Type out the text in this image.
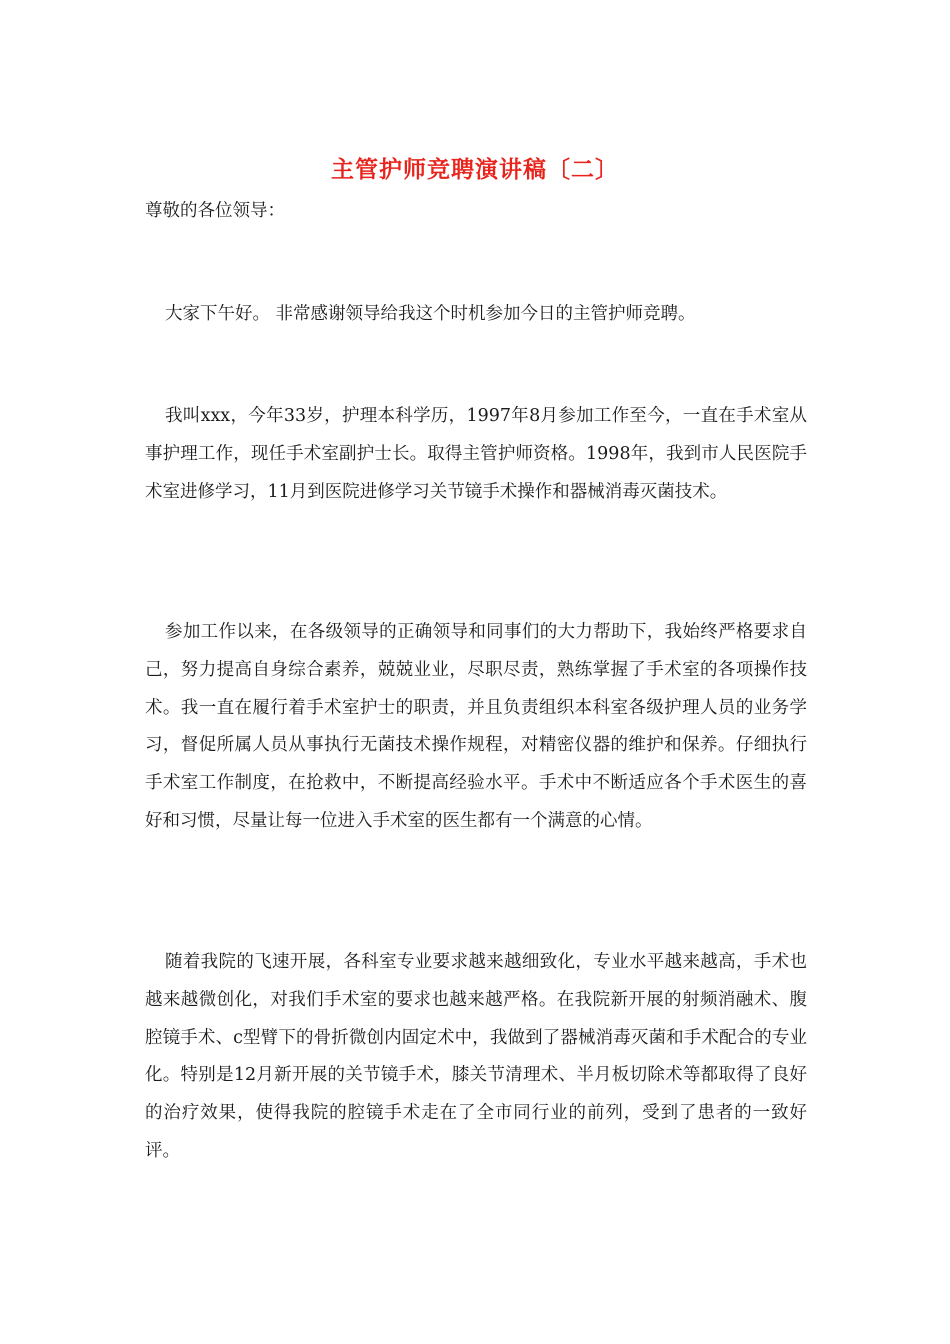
主管护师竞聘演讲稿〔二〕
尊敬的各位领导：

大家下午好。 非常感谢领导给我这个时机参加今日的主管护师竞聘。

我叫xxx，今年33岁，护理本科学历，1997年8月参加工作至今，一直在手术室从事护理工作，现任手术室副护士长。取得主管护师资格。1998年，我到市人民医院手术室进修学习，11月到医院进修学习关节镜手术操作和器械消毒灭菌技术。

参加工作以来，在各级领导的正确领导和同事们的大力帮助下，我始终严格要求自己，努力提高自身综合素养，兢兢业业，尽职尽责，熟练掌握了手术室的各项操作技术。我一直在履行着手术室护士的职责，并且负责组织本科室各级护理人员的业务学习，督促所属人员从事执行无菌技术操作规程，对精密仪器的维护和保养。仔细执行手术室工作制度，在抢救中，不断提高经验水平。手术中不断适应各个手术医生的喜好和习惯，尽量让每一位进入手术室的医生都有一个满意的心情。

随着我院的飞速开展，各科室专业要求越来越细致化，专业水平越来越高，手术也越来越微创化，对我们手术室的要求也越来越严格。在我院新开展的射频消融术、腹腔镜手术、c型臂下的骨折微创内固定术中，我做到了器械消毒灭菌和手术配合的专业化。特别是12月新开展的关节镜手术，膝关节清理术、半月板切除术等都取得了良好的治疗效果，使得我院的腔镜手术走在了全市同行业的前列，受到了患者的一致好评。
